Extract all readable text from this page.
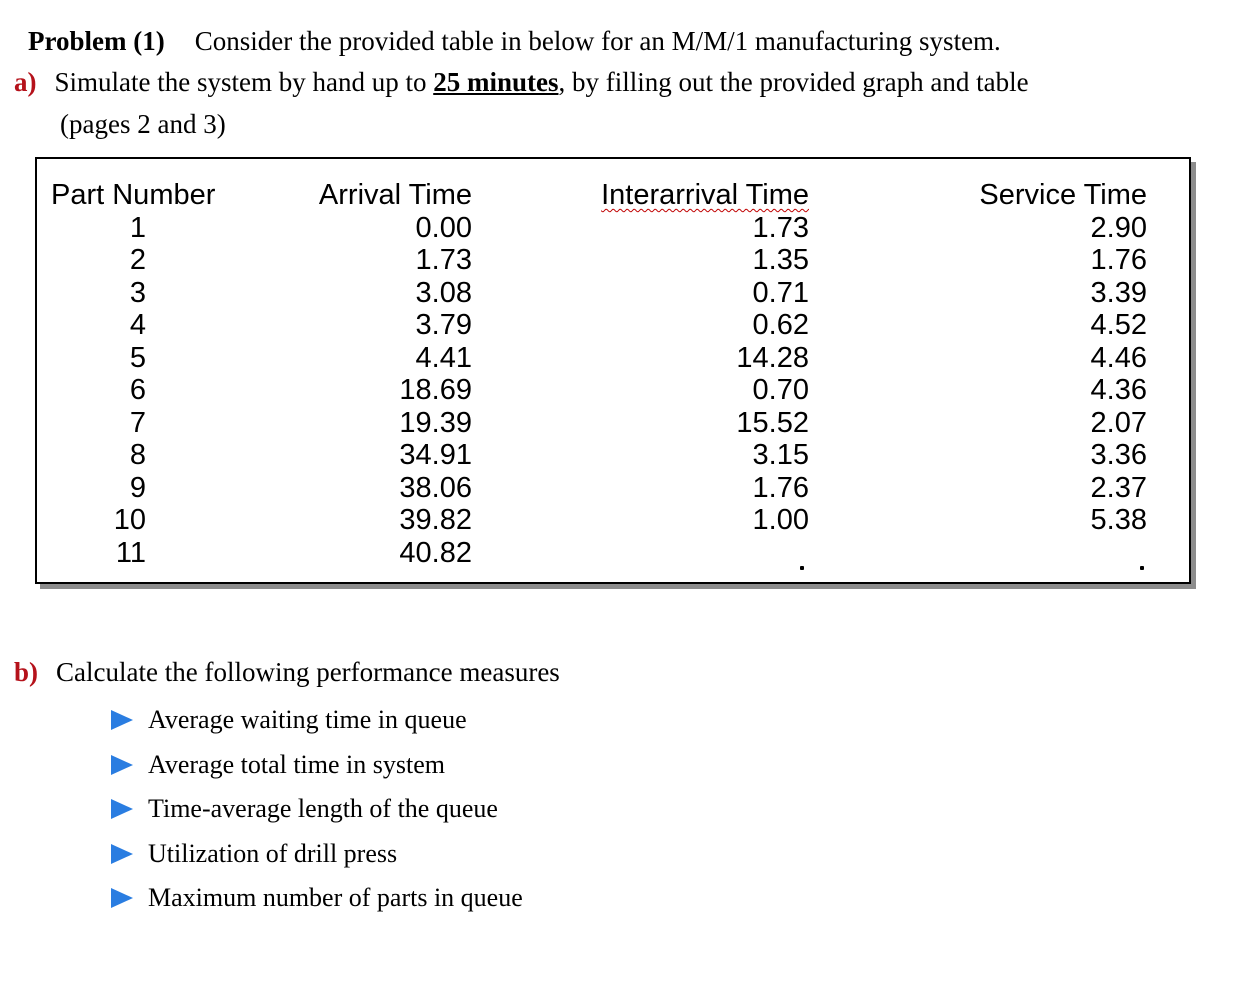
Problem (1) Consider the provided table in below for an M/M/1 manufacturing system.
a) Simulate the system by hand up to 25 minutes, by filling out the provided graph and table
(pages 2 and 3)
Part Number
1
2
3
4
5
6
7
8
9
10
11
Arrival Time
0.00
1.73
3.08
3.79
4.41
18.69
19.39
34.91
38.06
39.82
40.82
Interarrival Time
1.73
1.35
0.71
0.62
14.28
0.70
15.52
3.15
1.76
1.00
Service Time
2.90
1.76
3.39
4.52
4.46
4.36
2.07
3.36
2.37
5.38
b) Calculate the following performance measures
Average waiting time in queue
Average total time in system
Time-average length of the queue
Utilization of drill press
Maximum number of parts in queue
